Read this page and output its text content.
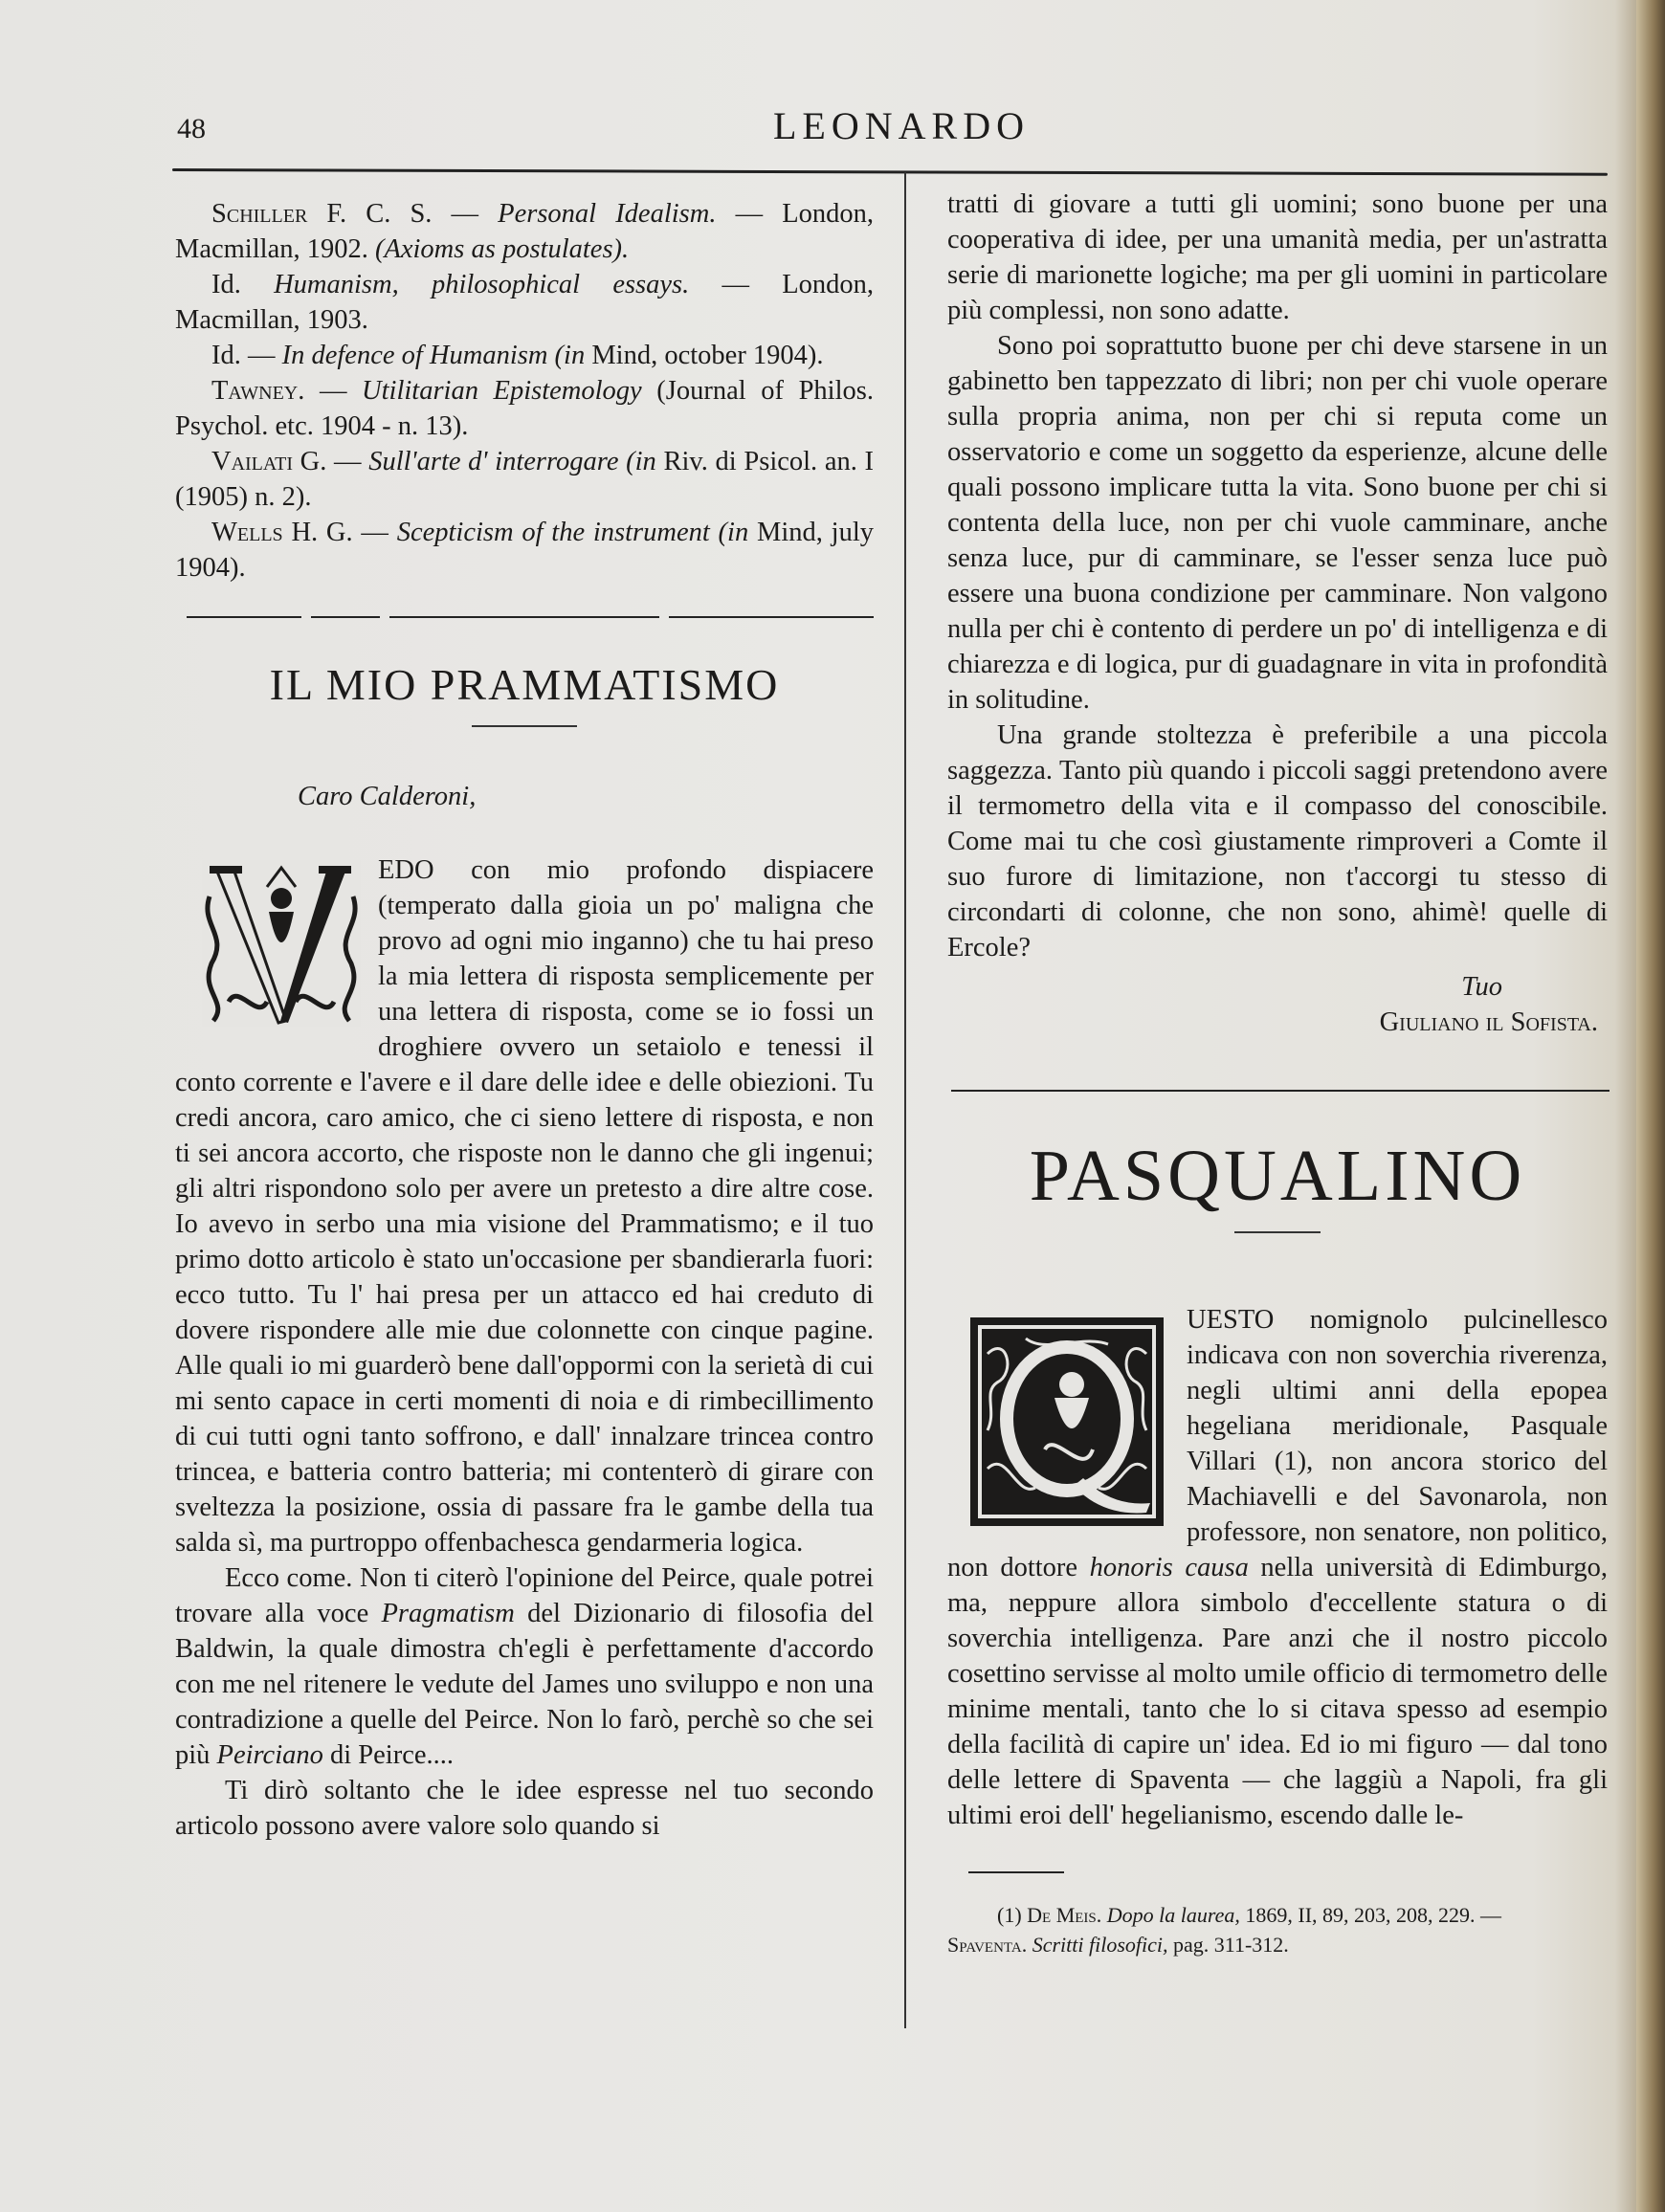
48	LEONARDO

Schiller F. C. S. — Personal Idealism. — London, Macmillan, 1902. (Axioms as postulates).

Id. Humanism, philosophical essays. — London, Macmillan, 1903.

Id. — In defence of Humanism (in Mind, october 1904).

Tawney. — Utilitarian Epistemology (Journal of Philos. Psychol. etc. 1904 - n. 13).

Vailati G. — Sull'arte d' interrogare (in Riv. di Psicol. an. I (1905) n. 2).

Wells H. G. — Scepticism of the instrument (in Mind, july 1904).

IL MIO PRAMMATISMO
Caro Calderoni,

EDO con mio profondo dispiacere (temperato dalla gioia un po' maligna che provo ad ogni mio inganno) che tu hai preso la mia lettera di risposta semplicemente per una lettera di risposta, come se io fossi un droghiere ovvero un setaiolo e tenessi il conto corrente e l'avere e il dare delle idee e delle obiezioni. Tu credi ancora, caro amico, che ci sieno lettere di risposta, e non ti sei ancora accorto, che risposte non le danno che gli ingenui; gli altri rispondono solo per avere un pretesto a dire altre cose. Io avevo in serbo una mia visione del Prammatismo; e il tuo primo dotto articolo è stato un'occasione per sbandierarla fuori: ecco tutto. Tu l' hai presa per un attacco ed hai creduto di dovere rispondere alle mie due colonnette con cinque pagine. Alle quali io mi guarderò bene dall'oppormi con la serietà di cui mi sento capace in certi momenti di noia e di rimbecillimento di cui tutti ogni tanto soffrono, e dall' innalzare trincea contro trincea, e batteria contro batteria; mi contenterò di girare con sveltezza la posizione, ossia di passare fra le gambe della tua salda sì, ma purtroppo offenbachesca gendarmeria logica.

Ecco come. Non ti citerò l'opinione del Peirce, quale potrei trovare alla voce Pragmatism del Dizionario di filosofia del Baldwin, la quale dimostra ch'egli è perfettamente d'accordo con me nel ritenere le vedute del James uno sviluppo e non una contradizione a quelle del Peirce. Non lo farò, perchè so che sei più Peirciano di Peirce....

Ti dirò soltanto che le idee espresse nel tuo secondo articolo possono avere valore solo quando si

tratti di giovare a tutti gli uomini; sono buone per una cooperativa di idee, per una umanità media, per un'astratta serie di marionette logiche; ma per gli uomini in particolare più complessi, non sono adatte.

Sono poi soprattutto buone per chi deve starsene in un gabinetto ben tappezzato di libri; non per chi vuole operare sulla propria anima, non per chi si reputa come un osservatorio e come un soggetto da esperienze, alcune delle quali possono implicare tutta la vita. Sono buone per chi si contenta della luce, non per chi vuole camminare, anche senza luce, pur di camminare, se l'esser senza luce può essere una buona condizione per camminare. Non valgono nulla per chi è contento di perdere un po' di intelligenza e di chiarezza e di logica, pur di guadagnare in vita in profondità in solitudine.

Una grande stoltezza è preferibile a una piccola saggezza. Tanto più quando i piccoli saggi pretendono avere il termometro della vita e il compasso del conoscibile. Come mai tu che così giustamente rimproveri a Comte il suo furore di limitazione, non t'accorgi tu stesso di circondarti di colonne, che non sono, ahimè! quelle di Ercole?

Tuo
Giuliano il Sofista.
PASQUALINO

UESTO nomignolo pulcinellesco indicava con non soverchia riverenza, negli ultimi anni della epopea hegeliana meridionale, Pasquale Villari (1), non ancora storico del Machiavelli e del Savonarola, non professore, non senatore, non politico, non dottore honoris causa nella università di Edimburgo, ma, neppure allora simbolo d'eccellente statura o di soverchia intelligenza. Pare anzi che il nostro piccolo cosettino servisse al molto umile officio di termometro delle minime mentali, tanto che lo si citava spesso ad esempio della facilità di capire un' idea. Ed io mi figuro — dal tono delle lettere di Spaventa — che laggiù a Napoli, fra gli ultimi eroi dell' hegelianismo, escendo dalle le-

(1) De Meis. Dopo la laurea, 1869, II, 89, 203, 208, 229. —

Spaventa. Scritti filosofici, pag. 311-312.
